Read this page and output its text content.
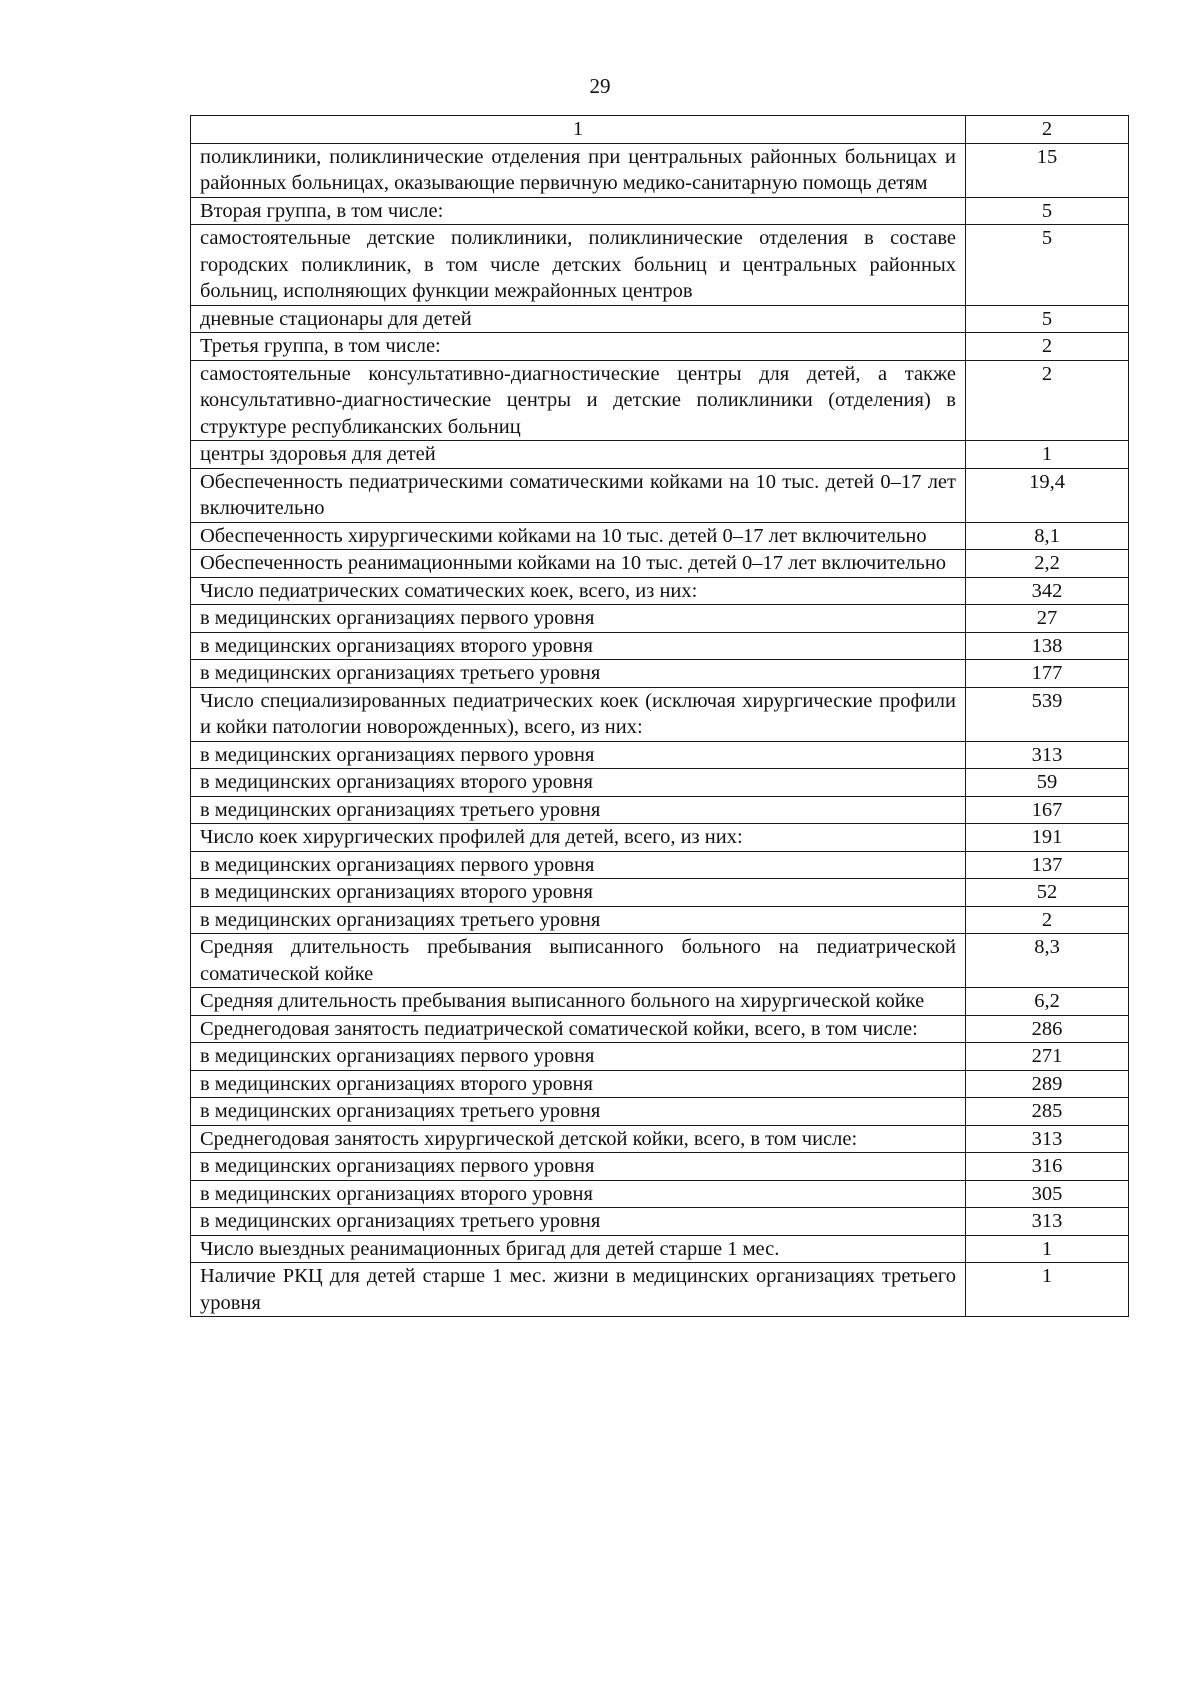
29
1	2
поликлиники, поликлинические отделения при центральных районных больницах и районных больницах, оказывающие первичную медико-санитарную помощь детям	15
Вторая группа, в том числе:	5
самостоятельные детские поликлиники, поликлинические отделения в составе городских поликлиник, в том числе детских больниц и центральных районных больниц, исполняющих функции межрайонных центров	5
дневные стационары для детей	5
Третья группа, в том числе:	2
самостоятельные консультативно-диагностические центры для детей, а также консультативно-диагностические центры и детские поликлиники (отделения) в структуре республиканских больниц	2
центры здоровья для детей	1
Обеспеченность педиатрическими соматическими койками на 10 тыс. детей 0–17 лет включительно	19,4
Обеспеченность хирургическими койками на 10 тыс. детей 0–17 лет включительно	8,1
Обеспеченность реанимационными койками на 10 тыс. детей 0–17 лет включительно	2,2
Число педиатрических соматических коек, всего, из них:	342
в медицинских организациях первого уровня	27
в медицинских организациях второго уровня	138
в медицинских организациях третьего уровня	177
Число специализированных педиатрических коек (исключая хирургические профили и койки патологии новорожденных), всего, из них:	539
в медицинских организациях первого уровня	313
в медицинских организациях второго уровня	59
в медицинских организациях третьего уровня	167
Число коек хирургических профилей для детей, всего, из них:	191
в медицинских организациях первого уровня	137
в медицинских организациях второго уровня	52
в медицинских организациях третьего уровня	2
Средняя длительность пребывания выписанного больного на педиатрической соматической койке	8,3
Средняя длительность пребывания выписанного больного на хирургической койке	6,2
Среднегодовая занятость педиатрической соматической койки, всего, в том числе:	286
в медицинских организациях первого уровня	271
в медицинских организациях второго уровня	289
в медицинских организациях третьего уровня	285
Среднегодовая занятость хирургической детской койки, всего, в том числе:	313
в медицинских организациях первого уровня	316
в медицинских организациях второго уровня	305
в медицинских организациях третьего уровня	313
Число выездных реанимационных бригад для детей старше 1 мес.	1
Наличие РКЦ для детей старше 1 мес. жизни в медицинских организациях третьего уровня	1
